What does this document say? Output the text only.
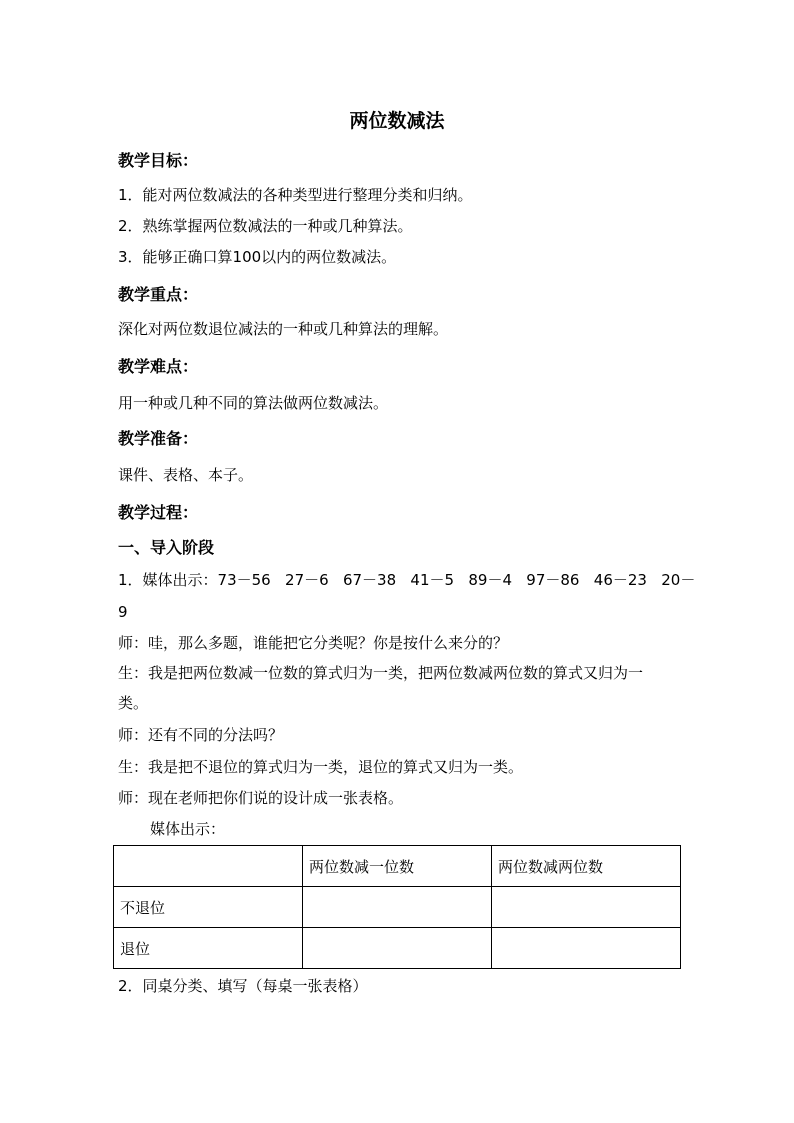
两位数减法
教学目标：
1．能对两位数减法的各种类型进行整理分类和归纳。
2．熟练掌握两位数减法的一种或几种算法。
3．能够正确口算100以内的两位数减法。
教学重点：
深化对两位数退位减法的一种或几种算法的理解。
教学难点：
用一种或几种不同的算法做两位数减法。
教学准备：
课件、表格、本子。
教学过程：
一、导入阶段
1．媒体出示：73－56   27－6   67－38   41－5   89－4   97－86   46－23   20－
9
师：哇，那么多题，谁能把它分类呢？你是按什么来分的？
生：我是把两位数减一位数的算式归为一类，把两位数减两位数的算式又归为一
类。
师：还有不同的分法吗？
生：我是把不退位的算式归为一类，退位的算式又归为一类。
师：现在老师把你们说的设计成一张表格。
媒体出示：
	两位数减一位数	两位数减两位数
不退位		
退位		
2．同桌分类、填写（每桌一张表格）
